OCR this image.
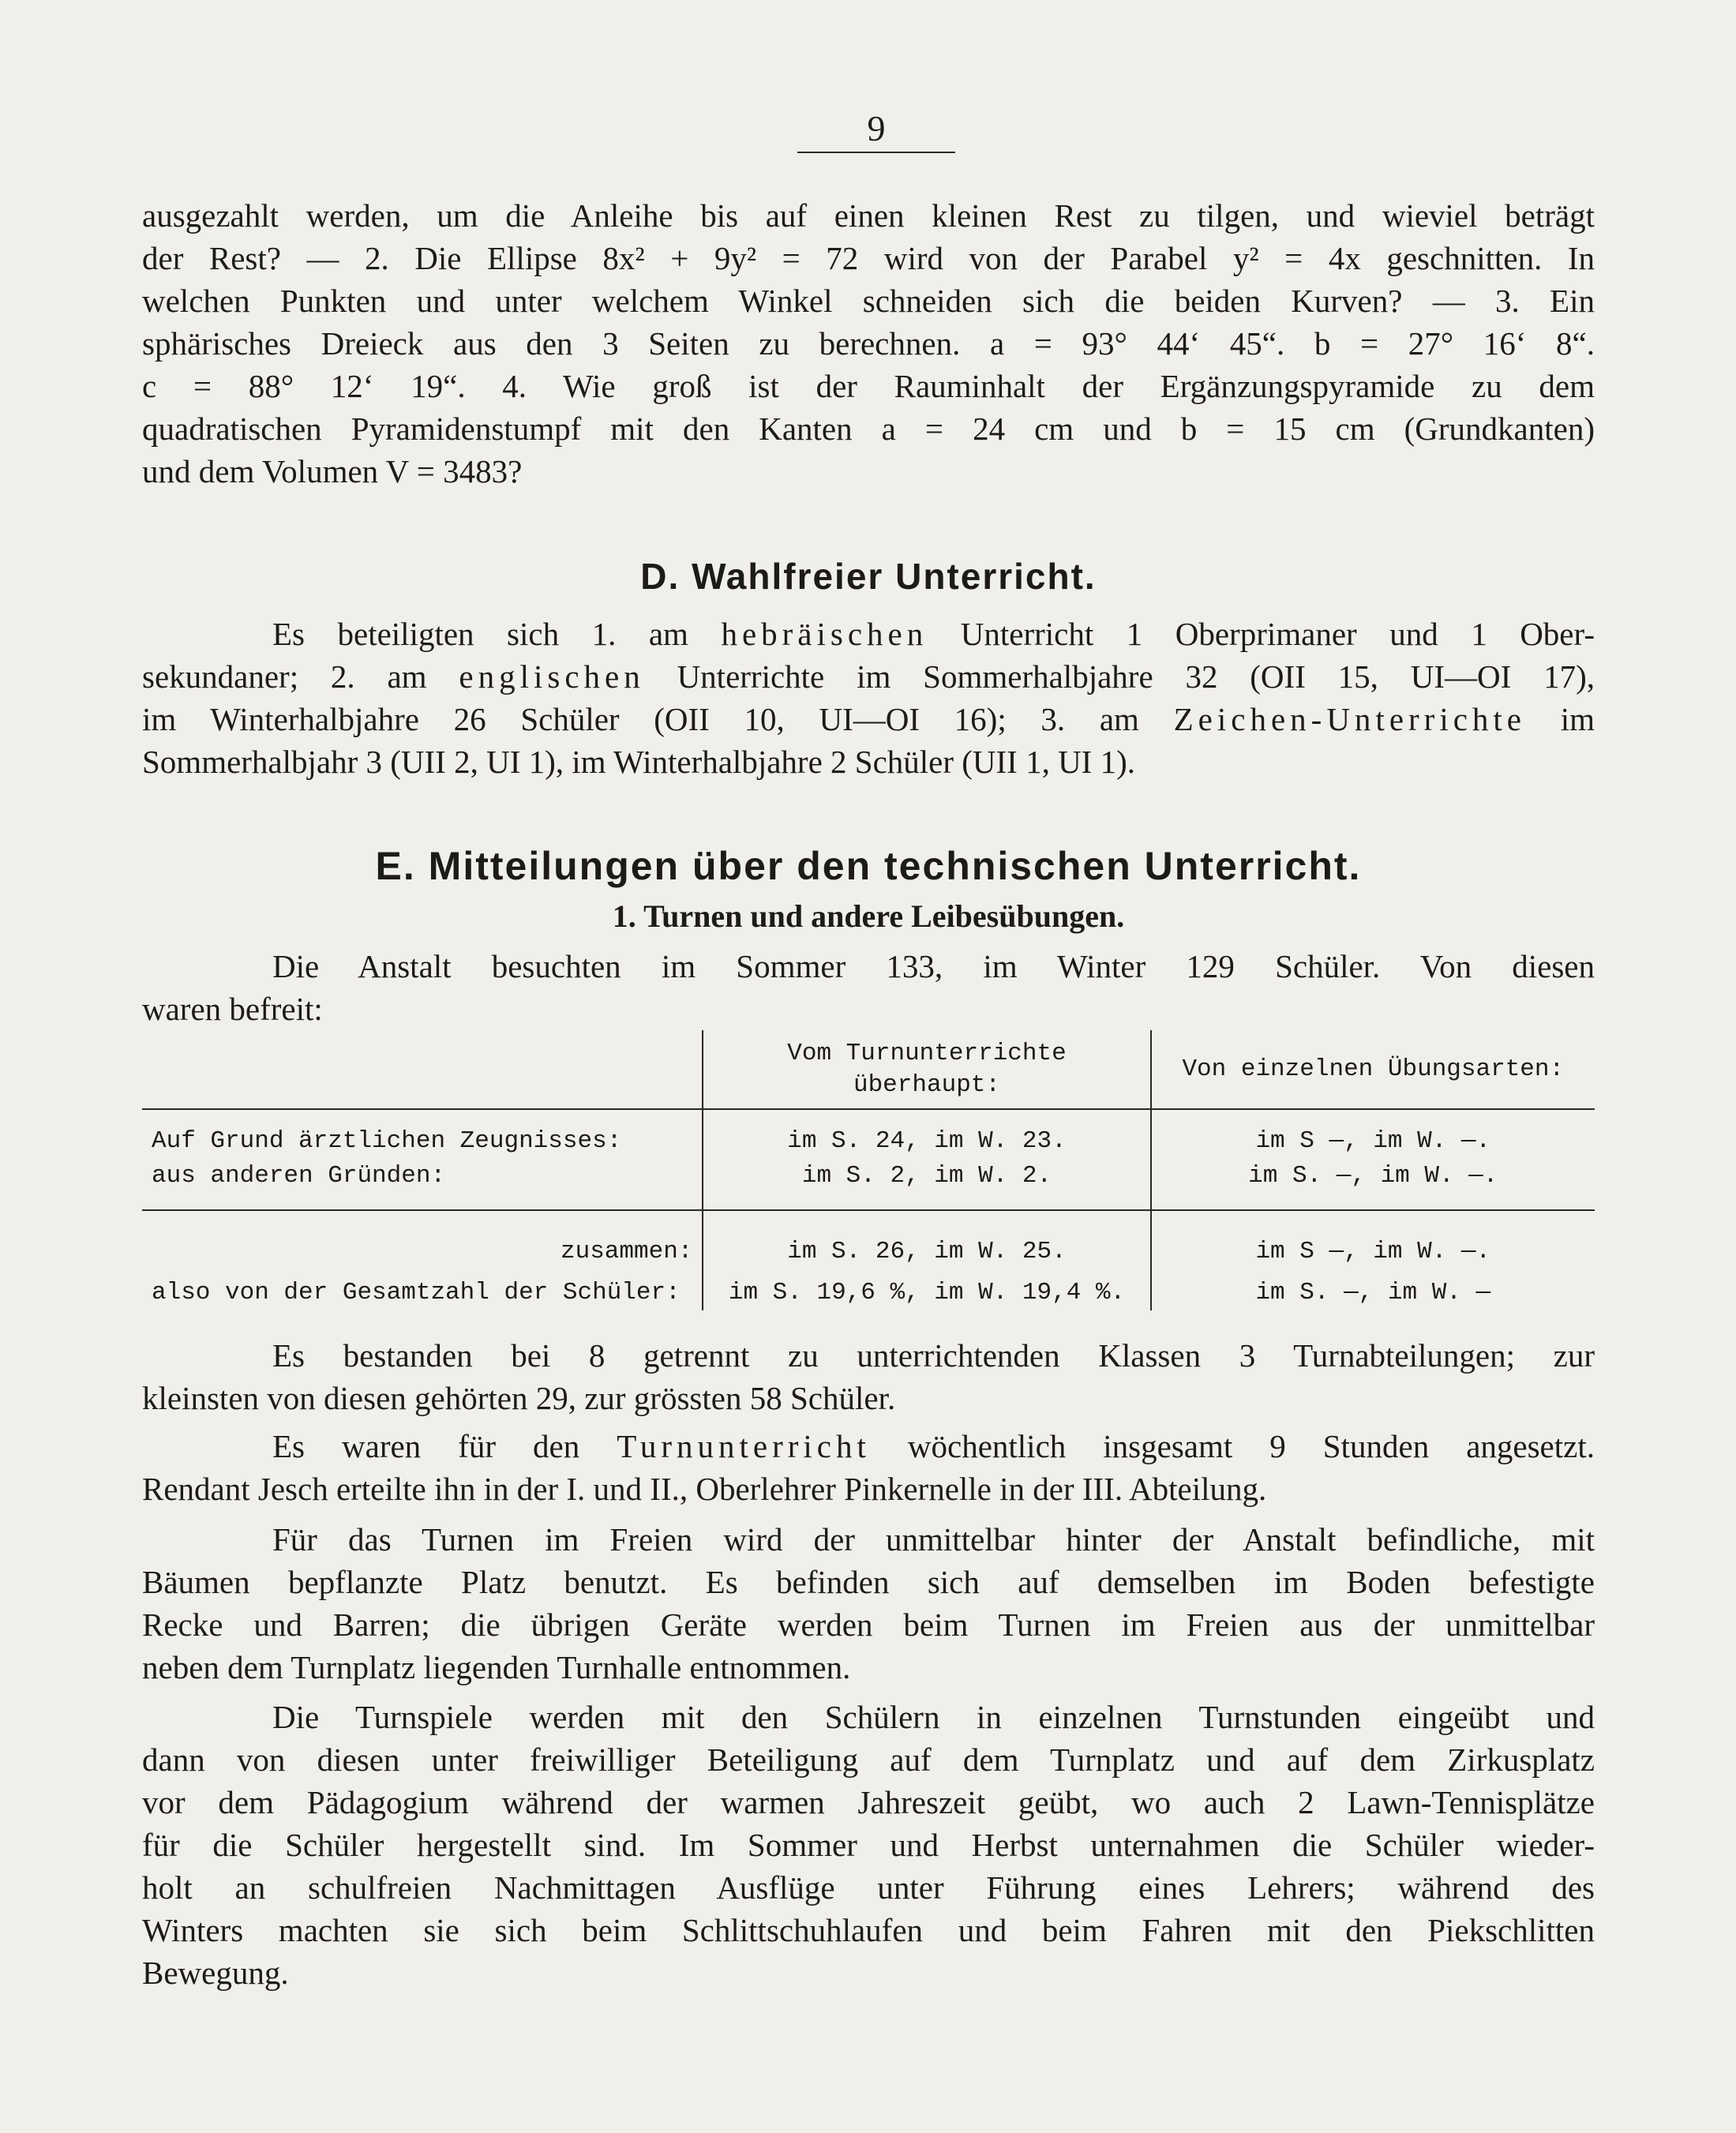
9
ausgezahlt werden, um die Anleihe bis auf einen kleinen Rest zu tilgen, und wieviel beträgt
der Rest? — 2. Die Ellipse 8x² + 9y² = 72 wird von der Parabel y² = 4x geschnitten. In
welchen Punkten und unter welchem Winkel schneiden sich die beiden Kurven? — 3. Ein
sphärisches Dreieck aus den 3 Seiten zu berechnen. a = 93° 44‘ 45“. b = 27° 16‘ 8“.
c = 88° 12‘ 19“. 4. Wie groß ist der Rauminhalt der Ergänzungspyramide zu dem
quadratischen Pyramidenstumpf mit den Kanten a = 24 cm und b = 15 cm (Grundkanten)
und dem Volumen V = 3483?
D. Wahlfreier Unterricht.
Es beteiligten sich 1. am hebräischen Unterricht 1 Oberprimaner und 1 Ober-
sekundaner; 2. am englischen Unterrichte im Sommerhalbjahre 32 (OII 15, UI—OI 17),
im Winterhalbjahre 26 Schüler (OII 10, UI—OI 16); 3. am Zeichen-Unterrichte im
Sommerhalbjahr 3 (UII 2, UI 1), im Winterhalbjahre 2 Schüler (UII 1, UI 1).
E. Mitteilungen über den technischen Unterricht.
1. Turnen und andere Leibesübungen.
Die Anstalt besuchten im Sommer 133, im Winter 129 Schüler. Von diesen
waren befreit:

	Vom Turnunterrichte
überhaupt:	Von einzelnen Übungsarten:

Auf Grund ärztlichen Zeugnisses:	im S. 24, im W. 23.	im S —, im W. —.
aus anderen Gründen:	im S. 2, im W. 2.	im S. —, im W. —.

zusammen:	im S. 26, im W. 25.	im S —, im W. —.
also von der Gesamtzahl der Schüler:	im S. 19,6 %, im W. 19,4 %.	im S. —, im W. —
Es bestanden bei 8 getrennt zu unterrichtenden Klassen 3 Turnabteilungen; zur
kleinsten von diesen gehörten 29, zur grössten 58 Schüler.
Es waren für den Turnunterricht wöchentlich insgesamt 9 Stunden angesetzt.
Rendant Jesch erteilte ihn in der I. und II., Oberlehrer Pinkernelle in der III. Abteilung.
Für das Turnen im Freien wird der unmittelbar hinter der Anstalt befindliche, mit
Bäumen bepflanzte Platz benutzt. Es befinden sich auf demselben im Boden befestigte
Recke und Barren; die übrigen Geräte werden beim Turnen im Freien aus der unmittelbar
neben dem Turnplatz liegenden Turnhalle entnommen.
Die Turnspiele werden mit den Schülern in einzelnen Turnstunden eingeübt und
dann von diesen unter freiwilliger Beteiligung auf dem Turnplatz und auf dem Zirkusplatz
vor dem Pädagogium während der warmen Jahreszeit geübt, wo auch 2 Lawn-Tennisplätze
für die Schüler hergestellt sind. Im Sommer und Herbst unternahmen die Schüler wieder-
holt an schulfreien Nachmittagen Ausflüge unter Führung eines Lehrers; während des
Winters machten sie sich beim Schlittschuhlaufen und beim Fahren mit den Piekschlitten
Bewegung.
